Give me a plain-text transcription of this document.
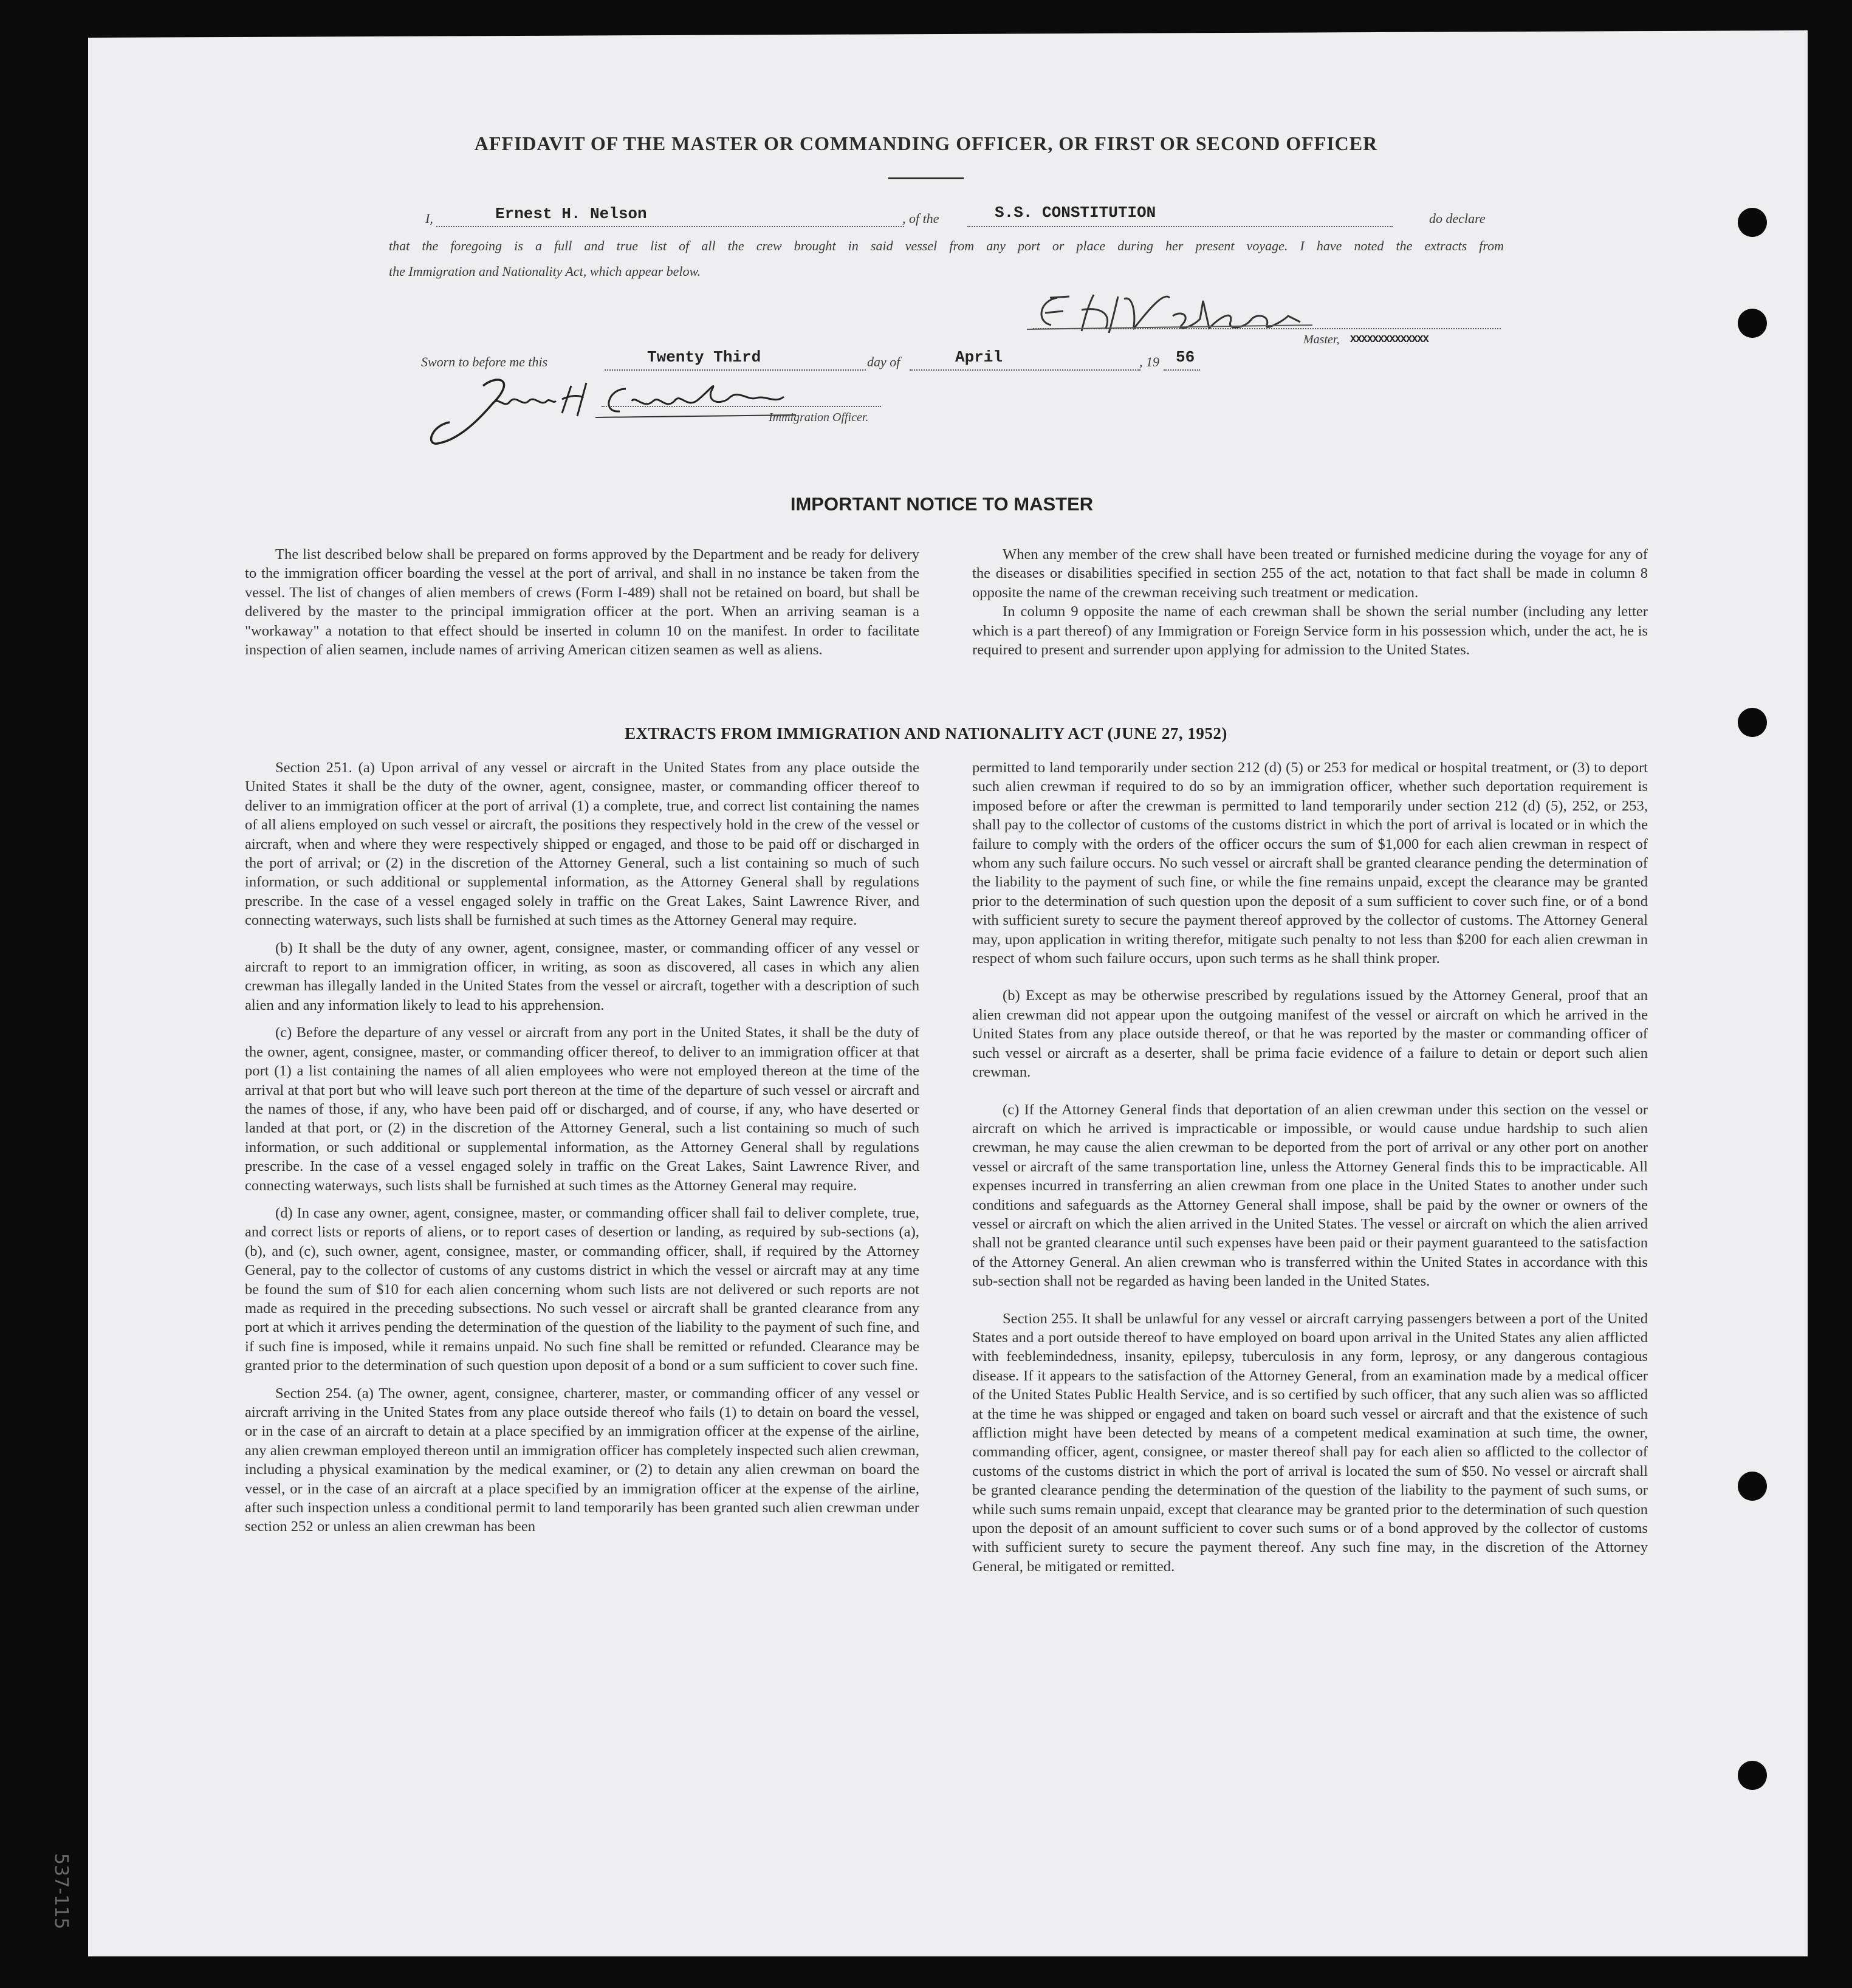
AFFIDAVIT OF THE MASTER OR COMMANDING OFFICER, OR FIRST OR SECOND OFFICER
I,	Ernest H. Nelson	, of the	S.S. CONSTITUTION	do declare
that the foregoing is a full and true list of all the crew brought in said vessel from any port or place during her present voyage. I have noted the extracts from
the Immigration and Nationality Act, which appear below.
Master, XXXXXXXXXXXXXX
Sworn to before me this	Twenty Third	day of	April	, 19 56
Immigration Officer.
IMPORTANT NOTICE TO MASTER

The list described below shall be prepared on forms approved by the Department and be ready for delivery to the immigration officer boarding the vessel at the port of arrival, and shall in no instance be taken from the vessel. The list of changes of alien members of crews (Form I-489) shall not be retained on board, but shall be delivered by the master to the principal immigration officer at the port. When an arriving seaman is a "workaway" a notation to that effect should be inserted in column 10 on the manifest. In order to facilitate inspection of alien seamen, include names of arriving American citizen seamen as well as aliens.

When any member of the crew shall have been treated or furnished medicine during the voyage for any of the diseases or disabilities specified in section 255 of the act, notation to that fact shall be made in column 8 opposite the name of the crewman receiving such treatment or medication.

In column 9 opposite the name of each crewman shall be shown the serial number (including any letter which is a part thereof) of any Immigration or Foreign Service form in his possession which, under the act, he is required to present and surrender upon applying for admission to the United States.

EXTRACTS FROM IMMIGRATION AND NATIONALITY ACT (JUNE 27, 1952)

Section 251. (a) Upon arrival of any vessel or aircraft in the United States from any place outside the United States it shall be the duty of the owner, agent, consignee, master, or commanding officer thereof to deliver to an immigration officer at the port of arrival (1) a complete, true, and correct list containing the names of all aliens employed on such vessel or aircraft, the positions they respectively hold in the crew of the vessel or aircraft, when and where they were respectively shipped or engaged, and those to be paid off or discharged in the port of arrival; or (2) in the discretion of the Attorney General, such a list containing so much of such information, or such additional or supplemental information, as the Attorney General shall by regulations prescribe. In the case of a vessel engaged solely in traffic on the Great Lakes, Saint Lawrence River, and connecting waterways, such lists shall be furnished at such times as the Attorney General may require.

(b) It shall be the duty of any owner, agent, consignee, master, or commanding officer of any vessel or aircraft to report to an immigration officer, in writing, as soon as discovered, all cases in which any alien crewman has illegally landed in the United States from the vessel or aircraft, together with a description of such alien and any information likely to lead to his apprehension.

(c) Before the departure of any vessel or aircraft from any port in the United States, it shall be the duty of the owner, agent, consignee, master, or commanding officer thereof, to deliver to an immigration officer at that port (1) a list containing the names of all alien employees who were not employed thereon at the time of the arrival at that port but who will leave such port thereon at the time of the departure of such vessel or aircraft and the names of those, if any, who have been paid off or discharged, and of course, if any, who have deserted or landed at that port, or (2) in the discretion of the Attorney General, such a list containing so much of such information, or such additional or supplemental information, as the Attorney General shall by regulations prescribe. In the case of a vessel engaged solely in traffic on the Great Lakes, Saint Lawrence River, and connecting waterways, such lists shall be furnished at such times as the Attorney General may require.

(d) In case any owner, agent, consignee, master, or commanding officer shall fail to deliver complete, true, and correct lists or reports of aliens, or to report cases of desertion or landing, as required by sub-sections (a), (b), and (c), such owner, agent, consignee, master, or commanding officer, shall, if required by the Attorney General, pay to the collector of customs of any customs district in which the vessel or aircraft may at any time be found the sum of $10 for each alien concerning whom such lists are not delivered or such reports are not made as required in the preceding subsections. No such vessel or aircraft shall be granted clearance from any port at which it arrives pending the determination of the question of the liability to the payment of such fine, and if such fine is imposed, while it remains unpaid. No such fine shall be remitted or refunded. Clearance may be granted prior to the determination of such question upon deposit of a bond or a sum sufficient to cover such fine.

Section 254. (a) The owner, agent, consignee, charterer, master, or commanding officer of any vessel or aircraft arriving in the United States from any place outside thereof who fails (1) to detain on board the vessel, or in the case of an aircraft to detain at a place specified by an immigration officer at the expense of the airline, any alien crewman employed thereon until an immigration officer has completely inspected such alien crewman, including a physical examination by the medical examiner, or (2) to detain any alien crewman on board the vessel, or in the case of an aircraft at a place specified by an immigration officer at the expense of the airline, after such inspection unless a conditional permit to land temporarily has been granted such alien crewman under section 252 or unless an alien crewman has been

permitted to land temporarily under section 212 (d) (5) or 253 for medical or hospital treatment, or (3) to deport such alien crewman if required to do so by an immigration officer, whether such deportation requirement is imposed before or after the crewman is permitted to land temporarily under section 212 (d) (5), 252, or 253, shall pay to the collector of customs of the customs district in which the port of arrival is located or in which the failure to comply with the orders of the officer occurs the sum of $1,000 for each alien crewman in respect of whom any such failure occurs. No such vessel or aircraft shall be granted clearance pending the determination of the liability to the payment of such fine, or while the fine remains unpaid, except the clearance may be granted prior to the determination of such question upon the deposit of a sum sufficient to cover such fine, or of a bond with sufficient surety to secure the payment thereof approved by the collector of customs. The Attorney General may, upon application in writing therefor, mitigate such penalty to not less than $200 for each alien crewman in respect of whom such failure occurs, upon such terms as he shall think proper.

(b) Except as may be otherwise prescribed by regulations issued by the Attorney General, proof that an alien crewman did not appear upon the outgoing manifest of the vessel or aircraft on which he arrived in the United States from any place outside thereof, or that he was reported by the master or commanding officer of such vessel or aircraft as a deserter, shall be prima facie evidence of a failure to detain or deport such alien crewman.

(c) If the Attorney General finds that deportation of an alien crewman under this section on the vessel or aircraft on which he arrived is impracticable or impossible, or would cause undue hardship to such alien crewman, he may cause the alien crewman to be deported from the port of arrival or any other port on another vessel or aircraft of the same transportation line, unless the Attorney General finds this to be impracticable. All expenses incurred in transferring an alien crewman from one place in the United States to another under such conditions and safeguards as the Attorney General shall impose, shall be paid by the owner or owners of the vessel or aircraft on which the alien arrived in the United States. The vessel or aircraft on which the alien arrived shall not be granted clearance until such expenses have been paid or their payment guaranteed to the satisfaction of the Attorney General. An alien crewman who is transferred within the United States in accordance with this sub-section shall not be regarded as having been landed in the United States.

Section 255. It shall be unlawful for any vessel or aircraft carrying passengers between a port of the United States and a port outside thereof to have employed on board upon arrival in the United States any alien afflicted with feeblemindedness, insanity, epilepsy, tuberculosis in any form, leprosy, or any dangerous contagious disease. If it appears to the satisfaction of the Attorney General, from an examination made by a medical officer of the United States Public Health Service, and is so certified by such officer, that any such alien was so afflicted at the time he was shipped or engaged and taken on board such vessel or aircraft and that the existence of such affliction might have been detected by means of a competent medical examination at such time, the owner, commanding officer, agent, consignee, or master thereof shall pay for each alien so afflicted to the collector of customs of the customs district in which the port of arrival is located the sum of $50. No vessel or aircraft shall be granted clearance pending the determination of the question of the liability to the payment of such sums, or while such sums remain unpaid, except that clearance may be granted prior to the determination of such question upon the deposit of an amount sufficient to cover such sums or of a bond approved by the collector of customs with sufficient surety to secure the payment thereof. Any such fine may, in the discretion of the Attorney General, be mitigated or remitted.

537-115
